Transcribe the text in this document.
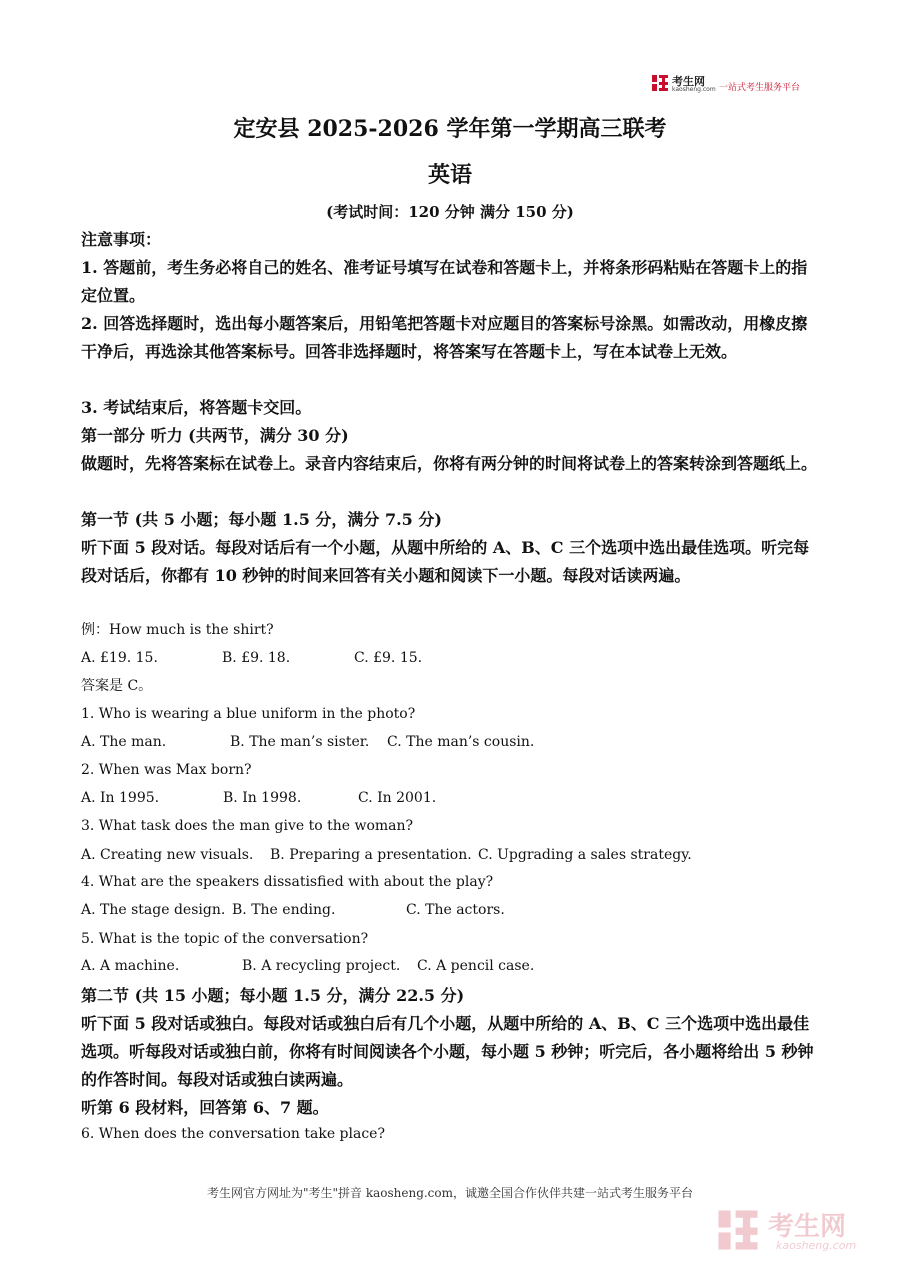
考生网
kaosheng.com 一站式考生服务平台
定安县 2025-2026 学年第一学期高三联考
英语
(考试时间：120 分钟 满分 150 分)
注意事项：
1. 答题前，考生务必将自己的姓名、准考证号填写在试卷和答题卡上，并将条形码粘贴在答题卡上的指定位置。
2. 回答选择题时，选出每小题答案后，用铅笔把答题卡对应题目的答案标号涂黑。如需改动，用橡皮擦干净后，再选涂其他答案标号。回答非选择题时，将答案写在答题卡上，写在本试卷上无效。
3. 考试结束后，将答题卡交回。
第一部分 听力 (共两节，满分 30 分)
做题时，先将答案标在试卷上。录音内容结束后，你将有两分钟的时间将试卷上的答案转涂到答题纸上。
第一节 (共 5 小题；每小题 1.5 分，满分 7.5 分)
听下面 5 段对话。每段对话后有一个小题，从题中所给的 A、B、C 三个选项中选出最佳选项。听完每段对话后，你都有 10 秒钟的时间来回答有关小题和阅读下一小题。每段对话读两遍。
例：How much is the shirt?
A. £19. 15.	B. £9. 18.	C. £9. 15.
答案是 C。
1. Who is wearing a blue uniform in the photo?
A. The man.	B. The man’s sister. C. The man’s cousin.
2. When was Max born?
A. In 1995.	B. In 1998.	C. In 2001.
3. What task does the man give to the woman?
A. Creating new visuals. B. Preparing a presentation. C. Upgrading a sales strategy.
4. What are the speakers dissatisfied with about the play?
A. The stage design. B. The ending.	C. The actors.
5. What is the topic of the conversation?
A. A machine.	B. A recycling project. C. A pencil case.
第二节 (共 15 小题；每小题 1.5 分，满分 22.5 分)
听下面 5 段对话或独白。每段对话或独白后有几个小题，从题中所给的 A、B、C 三个选项中选出最佳选项。听每段对话或独白前，你将有时间阅读各个小题，每小题 5 秒钟；听完后，各小题将给出 5 秒钟的作答时间。每段对话或独白读两遍。
听第 6 段材料，回答第 6、7 题。
6. When does the conversation take place?
考生网官方网址为"考生"拼音 kaosheng.com，诚邀全国合作伙伴共建一站式考生服务平台
考生网
kaosheng.com
